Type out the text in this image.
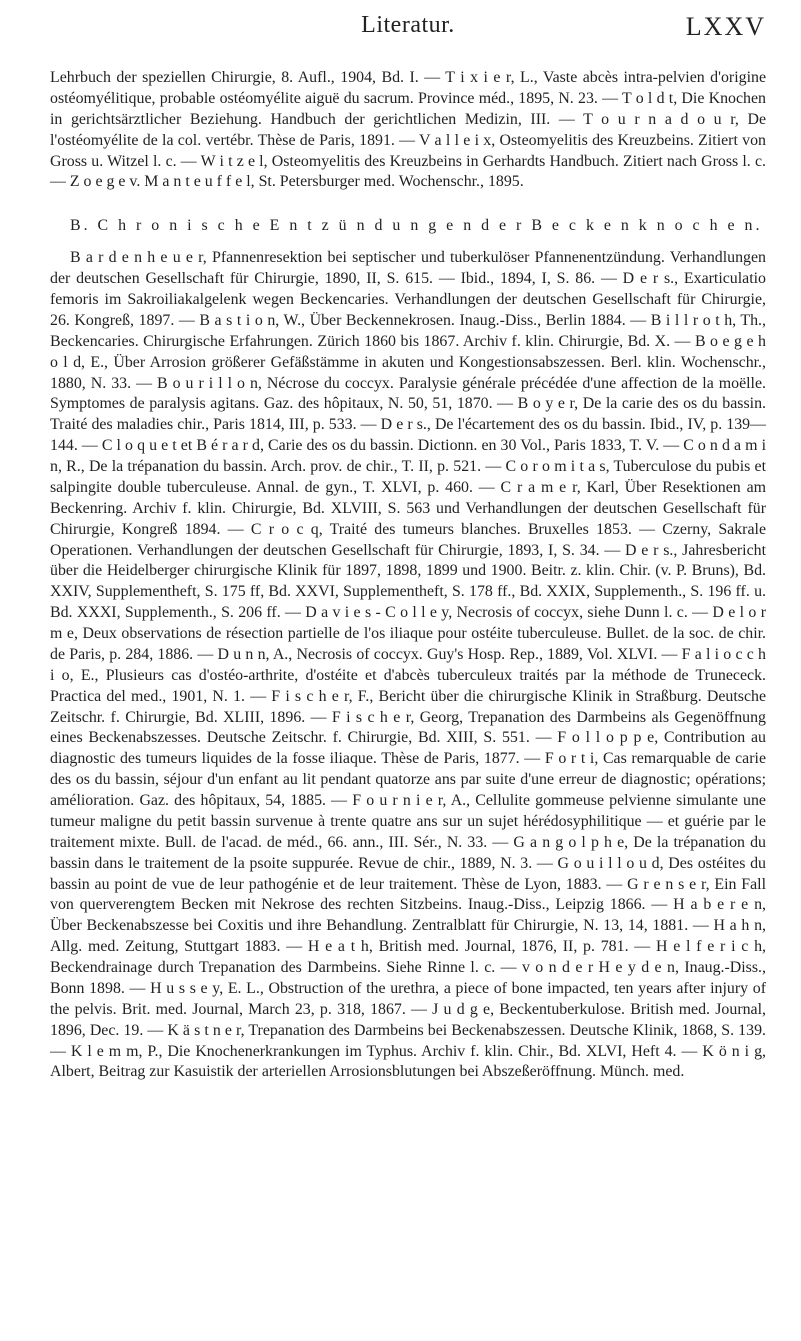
Literatur.	LXXV

Lehrbuch der speziellen Chirurgie, 8. Aufl., 1904, Bd. I. — T i x i e r, L., Vaste abcès intra-pelvien d'origine ostéomyélitique, probable ostéomyélite aiguë du sacrum. Province méd., 1895, N. 23. — T o l d t, Die Knochen in gerichtsärztlicher Beziehung. Handbuch der gerichtlichen Medizin, III. — T o u r n a d o u r, De l'ostéomyélite de la col. vertébr. Thèse de Paris, 1891. — V a l l e i x, Osteomyelitis des Kreuzbeins. Zitiert von Gross u. Witzel l. c. — W i t z e l, Osteomyelitis des Kreuzbeins in Gerhardts Handbuch. Zitiert nach Gross l. c. — Z o e g e v. M a n t e u f f e l, St. Petersburger med. Wochenschr., 1895.

B. C h r o n i s c h e E n t z ü n d u n g e n d e r B e c k e n k n o c h e n.

B a r d e n h e u e r, Pfannenresektion bei septischer und tuberkulöser Pfannenentzündung. Verhandlungen der deutschen Gesellschaft für Chirurgie, 1890, II, S. 615. — Ibid., 1894, I, S. 86. — D e r s., Exarticulatio femoris im Sakroiliakalgelenk wegen Beckencaries. Verhandlungen der deutschen Gesellschaft für Chirurgie, 26. Kongreß, 1897. — B a s t i o n, W., Über Beckennekrosen. Inaug.-Diss., Berlin 1884. — B i l l r o t h, Th., Beckencaries. Chirurgische Erfahrungen. Zürich 1860 bis 1867. Archiv f. klin. Chirurgie, Bd. X. — B o e g e h o l d, E., Über Arrosion größerer Gefäßstämme in akuten und Kongestionsabszessen. Berl. klin. Wochenschr., 1880, N. 33. — B o u r i l l o n, Nécrose du coccyx. Paralysie générale précédée d'une affection de la moëlle. Symptomes de paralysis agitans. Gaz. des hôpitaux, N. 50, 51, 1870. — B o y e r, De la carie des os du bassin. Traité des maladies chir., Paris 1814, III, p. 533. — D e r s., De l'écartement des os du bassin. Ibid., IV, p. 139—144. — C l o q u e t et B é r a r d, Carie des os du bassin. Dictionn. en 30 Vol., Paris 1833, T. V. — C o n d a m i n, R., De la trépanation du bassin. Arch. prov. de chir., T. II, p. 521. — C o r o m i t a s, Tuberculose du pubis et salpingite double tuberculeuse. Annal. de gyn., T. XLVI, p. 460. — C r a m e r, Karl, Über Resektionen am Beckenring. Archiv f. klin. Chirurgie, Bd. XLVIII, S. 563 und Verhandlungen der deutschen Gesellschaft für Chirurgie, Kongreß 1894. — C r o c q, Traité des tumeurs blanches. Bruxelles 1853. — Czerny, Sakrale Operationen. Verhandlungen der deutschen Gesellschaft für Chirurgie, 1893, I, S. 34. — D e r s., Jahresbericht über die Heidelberger chirurgische Klinik für 1897, 1898, 1899 und 1900. Beitr. z. klin. Chir. (v. P. Bruns), Bd. XXIV, Supplementheft, S. 175 ff, Bd. XXVI, Supplementheft, S. 178 ff., Bd. XXIX, Supplementh., S. 196 ff. u. Bd. XXXI, Supplementh., S. 206 ff. — D a v i e s - C o l l e y, Necrosis of coccyx, siehe Dunn l. c. — D e l o r m e, Deux observations de résection partielle de l'os iliaque pour ostéite tuberculeuse. Bullet. de la soc. de chir. de Paris, p. 284, 1886. — D u n n, A., Necrosis of coccyx. Guy's Hosp. Rep., 1889, Vol. XLVI. — F a l i o c c h i o, E., Plusieurs cas d'ostéo-arthrite, d'ostéite et d'abcès tuberculeux traités par la méthode de Trunececk. Practica del med., 1901, N. 1. — F i s c h e r, F., Bericht über die chirurgische Klinik in Straßburg. Deutsche Zeitschr. f. Chirurgie, Bd. XLIII, 1896. — F i s c h e r, Georg, Trepanation des Darmbeins als Gegenöffnung eines Beckenabszesses. Deutsche Zeitschr. f. Chirurgie, Bd. XIII, S. 551. — F o l l o p p e, Contribution au diagnostic des tumeurs liquides de la fosse iliaque. Thèse de Paris, 1877. — F o r t i, Cas remarquable de carie des os du bassin, séjour d'un enfant au lit pendant quatorze ans par suite d'une erreur de diagnostic; opérations; amélioration. Gaz. des hôpitaux, 54, 1885. — F o u r n i e r, A., Cellulite gommeuse pelvienne simulante une tumeur maligne du petit bassin survenue à trente quatre ans sur un sujet hérédosyphilitique — et guérie par le traitement mixte. Bull. de l'acad. de méd., 66. ann., III. Sér., N. 33. — G a n g o l p h e, De la trépanation du bassin dans le traitement de la psoite suppurée. Revue de chir., 1889, N. 3. — G o u i l l o u d, Des ostéites du bassin au point de vue de leur pathogénie et de leur traitement. Thèse de Lyon, 1883. — G r e n s e r, Ein Fall von querverengtem Becken mit Nekrose des rechten Sitzbeins. Inaug.-Diss., Leipzig 1866. — H a b e r e n, Über Beckenabszesse bei Coxitis und ihre Behandlung. Zentralblatt für Chirurgie, N. 13, 14, 1881. — H a h n, Allg. med. Zeitung, Stuttgart 1883. — H e a t h, British med. Journal, 1876, II, p. 781. — H e l f e r i c h, Beckendrainage durch Trepanation des Darmbeins. Siehe Rinne l. c. — v o n d e r H e y d e n, Inaug.-Diss., Bonn 1898. — H u s s e y, E. L., Obstruction of the urethra, a piece of bone impacted, ten years after injury of the pelvis. Brit. med. Journal, March 23, p. 318, 1867. — J u d g e, Beckentuberkulose. British med. Journal, 1896, Dec. 19. — K ä s t n e r, Trepanation des Darmbeins bei Beckenabszessen. Deutsche Klinik, 1868, S. 139. — K l e m m, P., Die Knochenerkrankungen im Typhus. Archiv f. klin. Chir., Bd. XLVI, Heft 4. — K ö n i g, Albert, Beitrag zur Kasuistik der arteriellen Arrosionsblutungen bei Abszeßeröffnung. Münch. med.
